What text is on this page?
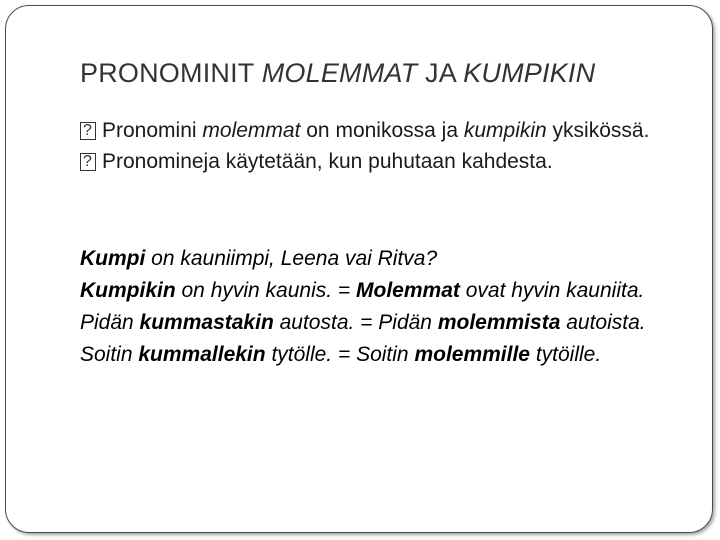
PRONOMINIT MOLEMMAT JA KUMPIKIN
?
Pronomini molemmat on monikossa ja kumpikin yksikössä.
?
Pronomineja käytetään, kun puhutaan kahdesta.
Kumpi on kauniimpi, Leena vai Ritva?
Kumpikin on hyvin kaunis. = Molemmat ovat hyvin kauniita.
Pidän kummastakin autosta. = Pidän molemmista autoista.
Soitin kummallekin tytölle. = Soitin molemmille tytöille.
